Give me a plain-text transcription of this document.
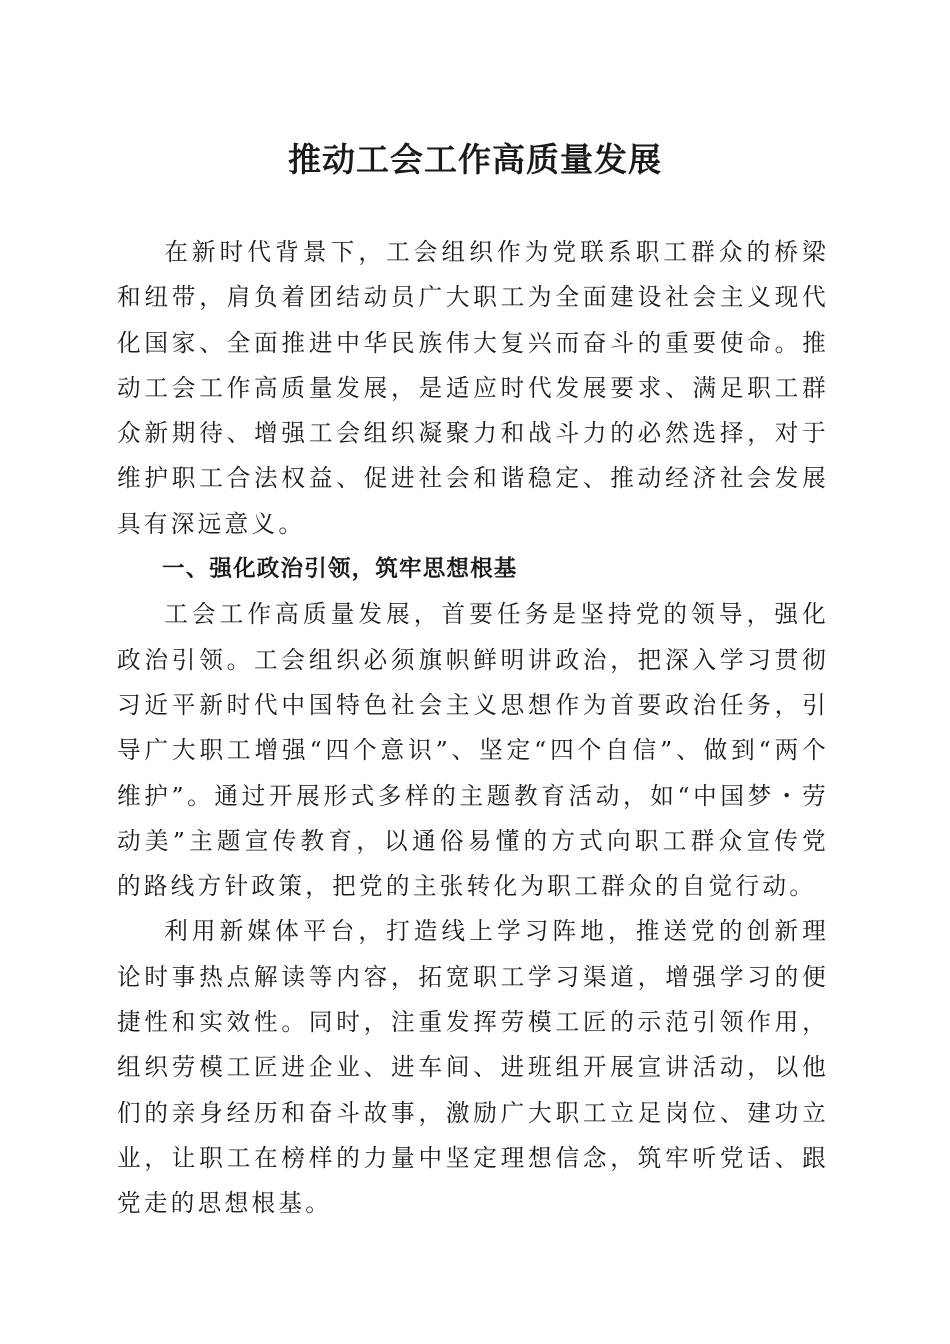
推动工会工作高质量发展

在新时代背景下，工会组织作为党联系职工群众的桥梁和纽带，肩负着团结动员广大职工为全面建设社会主义现代化国家、全面推进中华民族伟大复兴而奋斗的重要使命。推动工会工作高质量发展，是适应时代发展要求、满足职工群众新期待、增强工会组织凝聚力和战斗力的必然选择，对于维护职工合法权益、促进社会和谐稳定、推动经济社会发展具有深远意义。

一、强化政治引领，筑牢思想根基

工会工作高质量发展，首要任务是坚持党的领导，强化政治引领。工会组织必须旗帜鲜明讲政治，把深入学习贯彻习近平新时代中国特色社会主义思想作为首要政治任务，引导广大职工增强“四个意识”、坚定“四个自信”、做到“两个维护”。通过开展形式多样的主题教育活动，如“中国梦・劳动美”主题宣传教育，以通俗易懂的方式向职工群众宣传党的路线方针政策，把党的主张转化为职工群众的自觉行动。

利用新媒体平台，打造线上学习阵地，推送党的创新理论时事热点解读等内容，拓宽职工学习渠道，增强学习的便捷性和实效性。同时，注重发挥劳模工匠的示范引领作用，组织劳模工匠进企业、进车间、进班组开展宣讲活动，以他们的亲身经历和奋斗故事，激励广大职工立足岗位、建功立业，让职工在榜样的力量中坚定理想信念，筑牢听党话、跟党走的思想根基。
